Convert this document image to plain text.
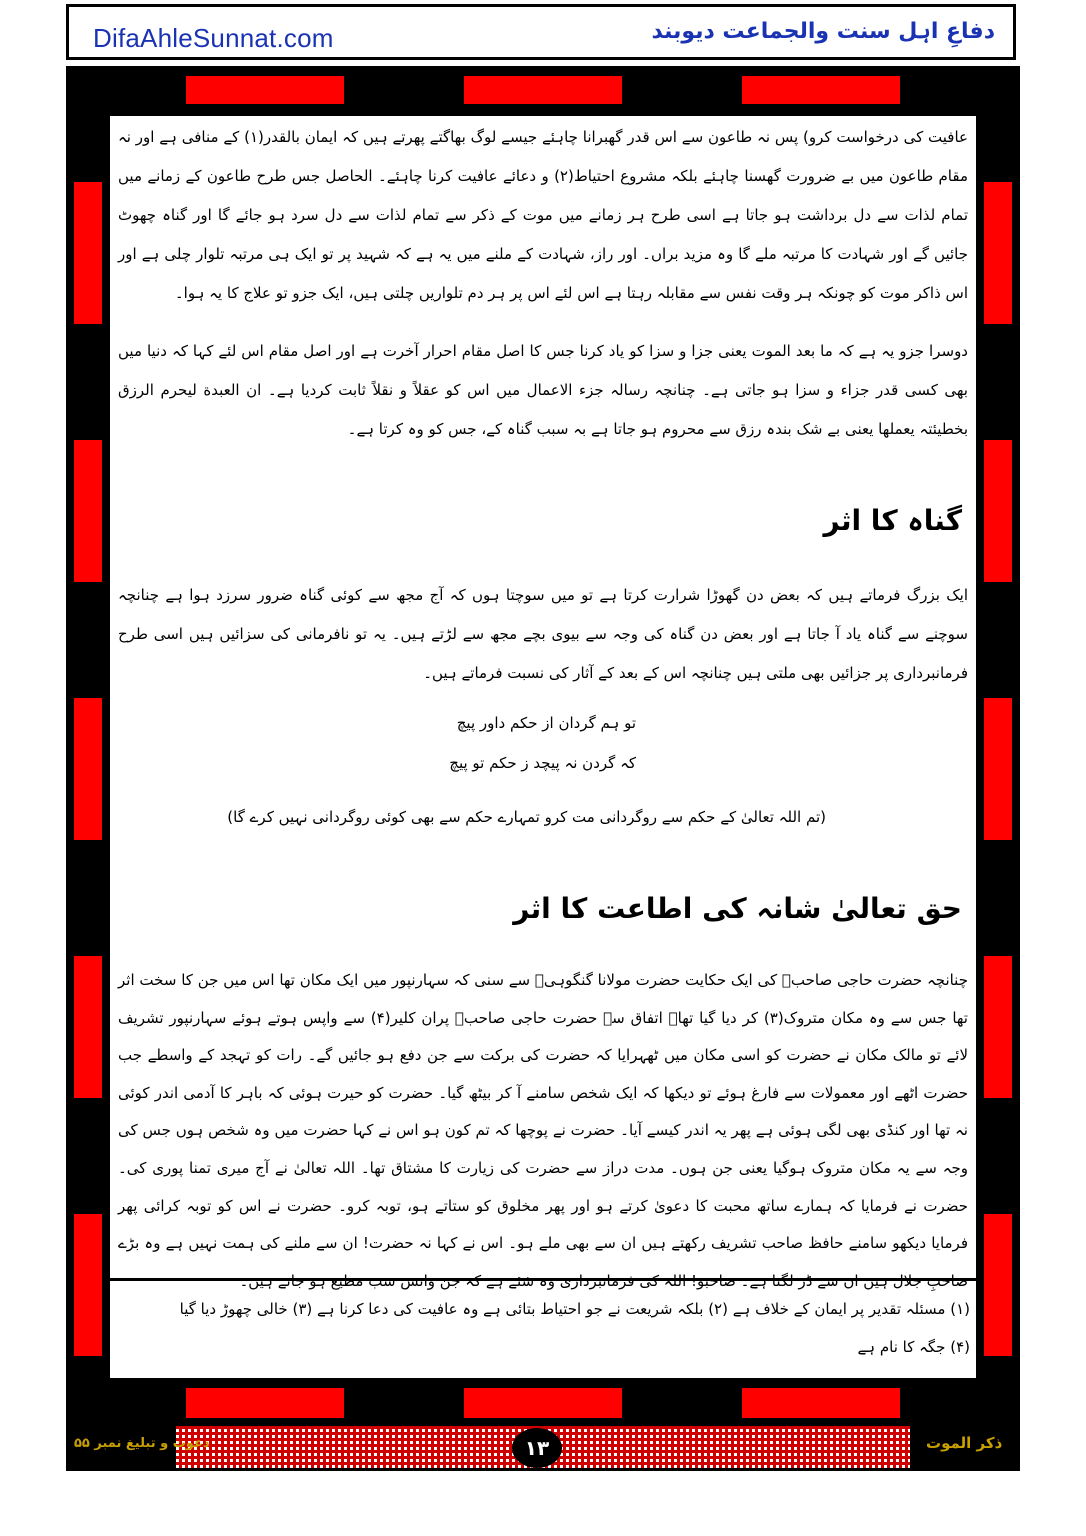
DifaAhleSunnat.com	دفاعِ اہل سنت والجماعت دیوبند
عافیت کی درخواست کرو) پس نہ طاعون سے اس قدر گھبرانا چاہئے جیسے لوگ بھاگتے پھرتے ہیں کہ ایمان بالقدر(۱) کے منافی ہے اور نہ مقام طاعون میں بے ضرورت گھسنا چاہئے بلکہ مشروع احتیاط(۲) و دعائے عافیت کرنا چاہئے۔ الحاصل جس طرح طاعون کے زمانے میں تمام لذات سے دل برداشت ہو جاتا ہے اسی طرح ہر زمانے میں موت کے ذکر سے تمام لذات سے دل سرد ہو جائے گا اور گناہ چھوٹ جائیں گے اور شہادت کا مرتبہ ملے گا وہ مزید براں۔ اور راز، شہادت کے ملنے میں یہ ہے کہ شہید پر تو ایک ہی مرتبہ تلوار چلی ہے اور اس ذاکر موت کو چونکہ ہر وقت نفس سے مقابلہ رہتا ہے اس لئے اس پر ہر دم تلواریں چلتی ہیں، ایک جزو تو علاج کا یہ ہوا۔
دوسرا جزو یہ ہے کہ ما بعد الموت یعنی جزا و سزا کو یاد کرنا جس کا اصل مقام احرار آخرت ہے اور اصل مقام اس لئے کہا کہ دنیا میں بھی کسی قدر جزاء و سزا ہو جاتی ہے۔ چنانچہ رسالہ جزء الاعمال میں اس کو عقلاً و نقلاً ثابت کردیا ہے۔ ان العبدة لیحرم الرزق بخطیئتہ یعملھا یعنی بے شک بندہ رزق سے محروم ہو جاتا ہے بہ سبب گناہ کے، جس کو وہ کرتا ہے۔
گناہ کا اثر
ایک بزرگ فرماتے ہیں کہ بعض دن گھوڑا شرارت کرتا ہے تو میں سوچتا ہوں کہ آج مجھ سے کوئی گناہ ضرور سرزد ہوا ہے چنانچہ سوچنے سے گناہ یاد آ جاتا ہے اور بعض دن گناہ کی وجہ سے بیوی بچے مجھ سے لڑتے ہیں۔ یہ تو نافرمانی کی سزائیں ہیں اسی طرح فرمانبرداری پر جزائیں بھی ملتی ہیں چنانچہ اس کے بعد کے آثار کی نسبت فرماتے ہیں۔
تو ہم گردان از حکم داور پیچ
کہ گردن نہ پیچد ز حکم تو پیچ
(تم اللہ تعالیٰ کے حکم سے روگردانی مت کرو تمہارے حکم سے بھی کوئی روگردانی نہیں کرے گا)
حق تعالیٰ شانہ کی اطاعت کا اثر
چنانچہ حضرت حاجی صاحبؒ کی ایک حکایت حضرت مولانا گنگوہیؒ سے سنی کہ سہارنپور میں ایک مکان تھا اس میں جن کا سخت اثر تھا جس سے وہ مکان متروک(۳) کر دیا گیا تھا۔ اتفاق سے حضرت حاجی صاحبؒ پران کلیر(۴) سے واپس ہوتے ہوئے سہارنپور تشریف لائے تو مالک مکان نے حضرت کو اسی مکان میں ٹھہرایا کہ حضرت کی برکت سے جن دفع ہو جائیں گے۔ رات کو تہجد کے واسطے جب حضرت اٹھے اور معمولات سے فارغ ہوئے تو دیکھا کہ ایک شخص سامنے آ کر بیٹھ گیا۔ حضرت کو حیرت ہوئی کہ باہر کا آدمی اندر کوئی نہ تھا اور کنڈی بھی لگی ہوئی ہے پھر یہ اندر کیسے آیا۔ حضرت نے پوچھا کہ تم کون ہو اس نے کہا حضرت میں وہ شخص ہوں جس کی وجہ سے یہ مکان متروک ہوگیا یعنی جن ہوں۔ مدت دراز سے حضرت کی زیارت کا مشتاق تھا۔ اللہ تعالیٰ نے آج میری تمنا پوری کی۔ حضرت نے فرمایا کہ ہمارے ساتھ محبت کا دعویٰ کرتے ہو اور پھر مخلوق کو ستاتے ہو، توبہ کرو۔ حضرت نے اس کو توبہ کرائی پھر فرمایا دیکھو سامنے حافظ صاحب تشریف رکھتے ہیں ان سے بھی ملے ہو۔ اس نے کہا نہ حضرت! ان سے ملنے کی ہمت نہیں ہے وہ بڑے
(۱) مسئلہ تقدیر پر ایمان کے خلاف ہے (۲) بلکہ شریعت نے جو احتیاط بتائی ہے وہ عافیت کی دعا کرنا ہے (۳) خالی چھوڑ دیا گیا
(۴) جگہ کا نام ہے
۱۳
دعوت و تبلیغ نمبر ۵۵	ذکر الموت
